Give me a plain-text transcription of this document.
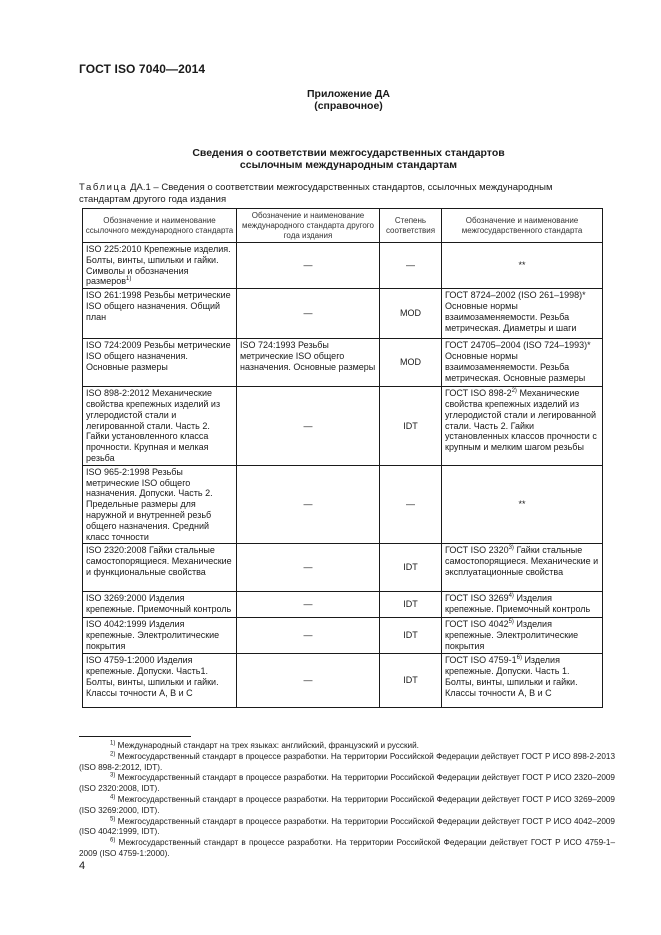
ГОСТ ISO 7040—2014
Приложение ДА
(справочное)
Сведения о соответствии межгосударственных стандартов
ссылочным международным стандартам
Таблица ДА.1 – Сведения о соответствии межгосударственных стандартов, ссылочных международным стандартам другого года издания
Обозначение и наименование ссылочного международного стандарта	Обозначение и наименование международного стандарта другого года издания	Степень соответствия	Обозначение и наименование межгосударственного стандарта
ISO 225:2010 Крепежные изделия. Болты, винты, шпильки и гайки. Символы и обозначения размеров$^{1)}$	—	—	**
ISO 261:1998 Резьбы метрические ISO общего назначения. Общий план	—	MOD	ГОСТ 8724–2002 (ISO 261–1998)* Основные нормы взаимозаменяемости. Резьба метрическая. Диаметры и шаги
ISO 724:2009 Резьбы метрические ISO общего назначения. Основные размеры	ISO 724:1993 Резьбы метрические ISO общего назначения. Основные размеры	MOD	ГОСТ 24705–2004 (ISO 724–1993)* Основные нормы взаимозаменяемости. Резьба метрическая. Основные размеры
ISO 898-2:2012 Механические свойства крепежных изделий из углеродистой стали и легированной стали. Часть 2. Гайки установленного класса прочности. Крупная и мелкая резьба	—	IDT	ГОСТ ISO 898-2$^{2)}$ Механические свойства крепежных изделий из углеродистой стали и легированной стали. Часть 2. Гайки установленных классов прочности с крупным и мелким шагом резьбы
ISO 965-2:1998 Резьбы метрические ISO общего назначения. Допуски. Часть 2. Предельные размеры для наружной и внутренней резьб общего назначения. Средний класс точности	—	—	**
ISO 2320:2008 Гайки стальные самостопорящиеся. Механические и функциональные свойства	—	IDT	ГОСТ ISO 2320$^{3)}$ Гайки стальные самостопорящиеся. Механические и эксплуатационные свойства
ISO 3269:2000 Изделия крепежные. Приемочный контроль	—	IDT	ГОСТ ISO 3269$^{4)}$ Изделия крепежные. Приемочный контроль
ISO 4042:1999 Изделия крепежные. Электролитические покрытия	—	IDT	ГОСТ ISO 4042$^{5)}$ Изделия крепежные. Электролитические покрытия
ISO 4759-1:2000 Изделия крепежные. Допуски. Часть1. Болты, винты, шпильки и гайки. Классы точности A, B и C	—	IDT	ГОСТ ISO 4759-1$^{6)}$ Изделия крепежные. Допуски. Часть 1. Болты, винты, шпильки и гайки. Классы точности A, B и C
$^{1)}$ Международный стандарт на трех языках: английский, французский и русский.
$^{2)}$ Межгосударственный стандарт в процессе разработки. На территории Российской Федерации действует ГОСТ Р ИСО 898-2-2013 (ISO 898-2:2012, IDT).
$^{3)}$ Межгосударственный стандарт в процессе разработки. На территории Российской Федерации действует ГОСТ Р ИСО 2320–2009 (ISO 2320:2008, IDT).
$^{4)}$ Межгосударственный стандарт в процессе разработки. На территории Российской Федерации действует ГОСТ Р ИСО 3269–2009 (ISO 3269:2000, IDT).
$^{5)}$ Межгосударственный стандарт в процессе разработки. На территории Российской Федерации действует ГОСТ Р ИСО 4042–2009 (ISO 4042:1999, IDT).
$^{6)}$ Межгосударственный стандарт в процессе разработки. На территории Российской Федерации действует ГОСТ Р ИСО 4759-1–2009 (ISO 4759-1:2000).
4
